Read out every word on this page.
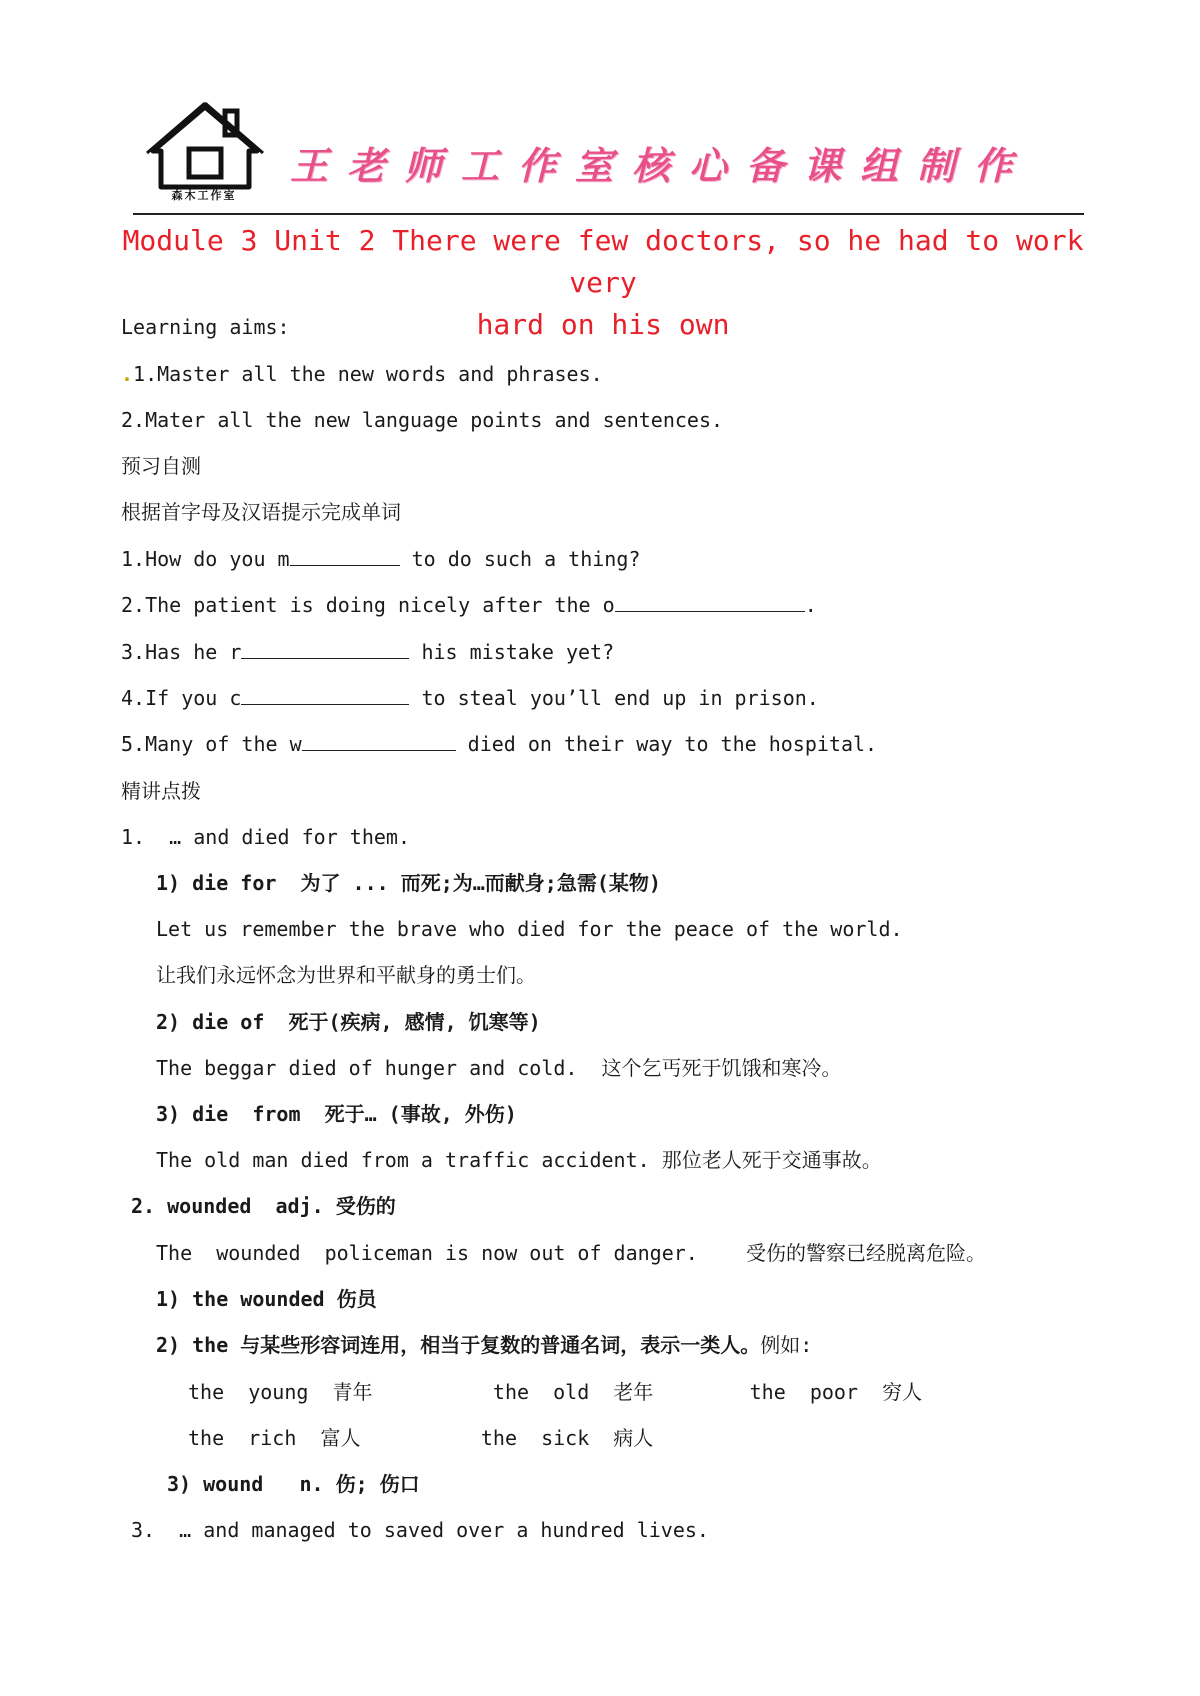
森木工作室
王老师工作室核心备课组制作
Module 3 Unit 2 There were few doctors, so he had to work very
hard on his own
Learning aims:
.1.Master all the new words and phrases.
2.Mater all the new language points and sentences.
预习自测
根据首字母及汉语提示完成单词
1.How do you m	to do such a thing?
2.The patient is doing nicely after the o	.
3.Has he r	his mistake yet?
4.If you c	to steal you’ll end up in prison.
5.Many of the w	died on their way to the hospital.
精讲点拨
1.  … and died for them.
1) die for  为了 ... 而死;为…而献身;急需(某物)
Let us remember the brave who died for the peace of the world.
让我们永远怀念为世界和平献身的勇士们。
2) die of  死于(疾病, 感情, 饥寒等)
The beggar died of hunger and cold.  这个乞丐死于饥饿和寒冷。
3) die  from  死于… (事故, 外伤)
The old man died from a traffic accident. 那位老人死于交通事故。
2. wounded  adj. 受伤的
The  wounded  policeman is now out of danger.    受伤的警察已经脱离危险。
1) the wounded 伤员
2) the 与某些形容词连用，相当于复数的普通名词，表示一类人。例如:
the  young  青年          the  old  老年        the  poor  穷人
the  rich  富人          the  sick  病人
3) wound   n. 伤; 伤口
3.  … and managed to saved over a hundred lives.
